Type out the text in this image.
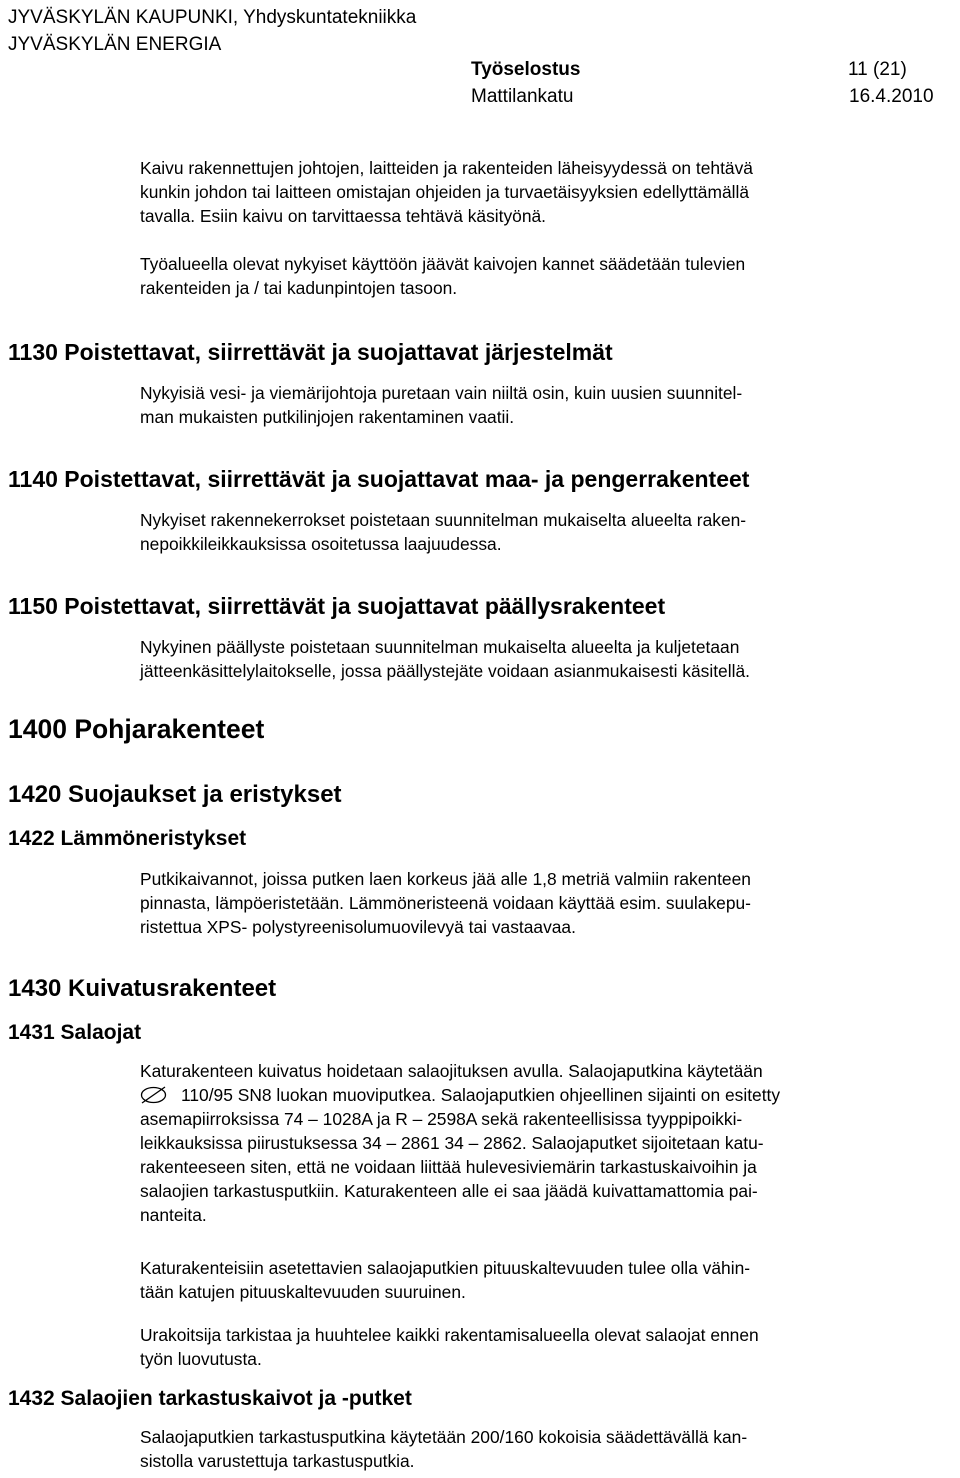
JYVÄSKYLÄN KAUPUNKI, Yhdyskuntatekniikka
JYVÄSKYLÄN ENERGIA
Työselostus	11 (21)
Mattilankatu	16.4.2010
Kaivu rakennettujen johtojen, laitteiden ja rakenteiden läheisyydessä on tehtävä
kunkin johdon tai laitteen omistajan ohjeiden ja turvaetäisyyksien edellyttämällä
tavalla. Esiin kaivu on tarvittaessa tehtävä käsityönä.
Työalueella olevat nykyiset käyttöön jäävät kaivojen kannet säädetään tulevien
rakenteiden ja / tai kadunpintojen tasoon.
1130 Poistettavat, siirrettävät ja suojattavat järjestelmät
Nykyisiä vesi- ja viemärijohtoja puretaan vain niiltä osin, kuin uusien suunnitel-
man mukaisten putkilinjojen rakentaminen vaatii.
1140 Poistettavat, siirrettävät ja suojattavat maa- ja pengerrakenteet
Nykyiset rakennekerrokset poistetaan suunnitelman mukaiselta alueelta raken-
nepoikkileikkauksissa osoitetussa laajuudessa.
1150 Poistettavat, siirrettävät ja suojattavat päällysrakenteet
Nykyinen päällyste poistetaan suunnitelman mukaiselta alueelta ja kuljetetaan
jätteenkäsittelylaitokselle, jossa päällystejäte voidaan asianmukaisesti käsitellä.
1400 Pohjarakenteet
1420 Suojaukset ja eristykset
1422 Lämmöneristykset
Putkikaivannot, joissa putken laen korkeus jää alle 1,8 metriä valmiin rakenteen
pinnasta, lämpöeristetään. Lämmöneristeenä voidaan käyttää esim. suulakepu-
ristettua XPS- polystyreenisolumuovilevyä tai vastaavaa.
1430 Kuivatusrakenteet
1431 Salaojat
Katurakenteen kuivatus hoidetaan salaojituksen avulla. Salaojaputkina käytetään
110/95 SN8 luokan muoviputkea. Salaojaputkien ohjeellinen sijainti on esitetty
asemapiirroksissa 74 – 1028A ja R – 2598A sekä rakenteellisissa tyyppipoikki-
leikkauksissa piirustuksessa 34 – 2861 34 – 2862. Salaojaputket sijoitetaan katu-
rakenteeseen siten, että ne voidaan liittää hulevesiviemärin tarkastuskaivoihin ja
salaojien tarkastusputkiin. Katurakenteen alle ei saa jäädä kuivattamattomia pai-
nanteita.
Katurakenteisiin asetettavien salaojaputkien pituuskaltevuuden tulee olla vähin-
tään katujen pituuskaltevuuden suuruinen.
Urakoitsija tarkistaa ja huuhtelee kaikki rakentamisalueella olevat salaojat ennen
työn luovutusta.
1432 Salaojien tarkastuskaivot ja -putket
Salaojaputkien tarkastusputkina käytetään 200/160 kokoisia säädettävällä kan-
sistolla varustettuja tarkastusputkia.
